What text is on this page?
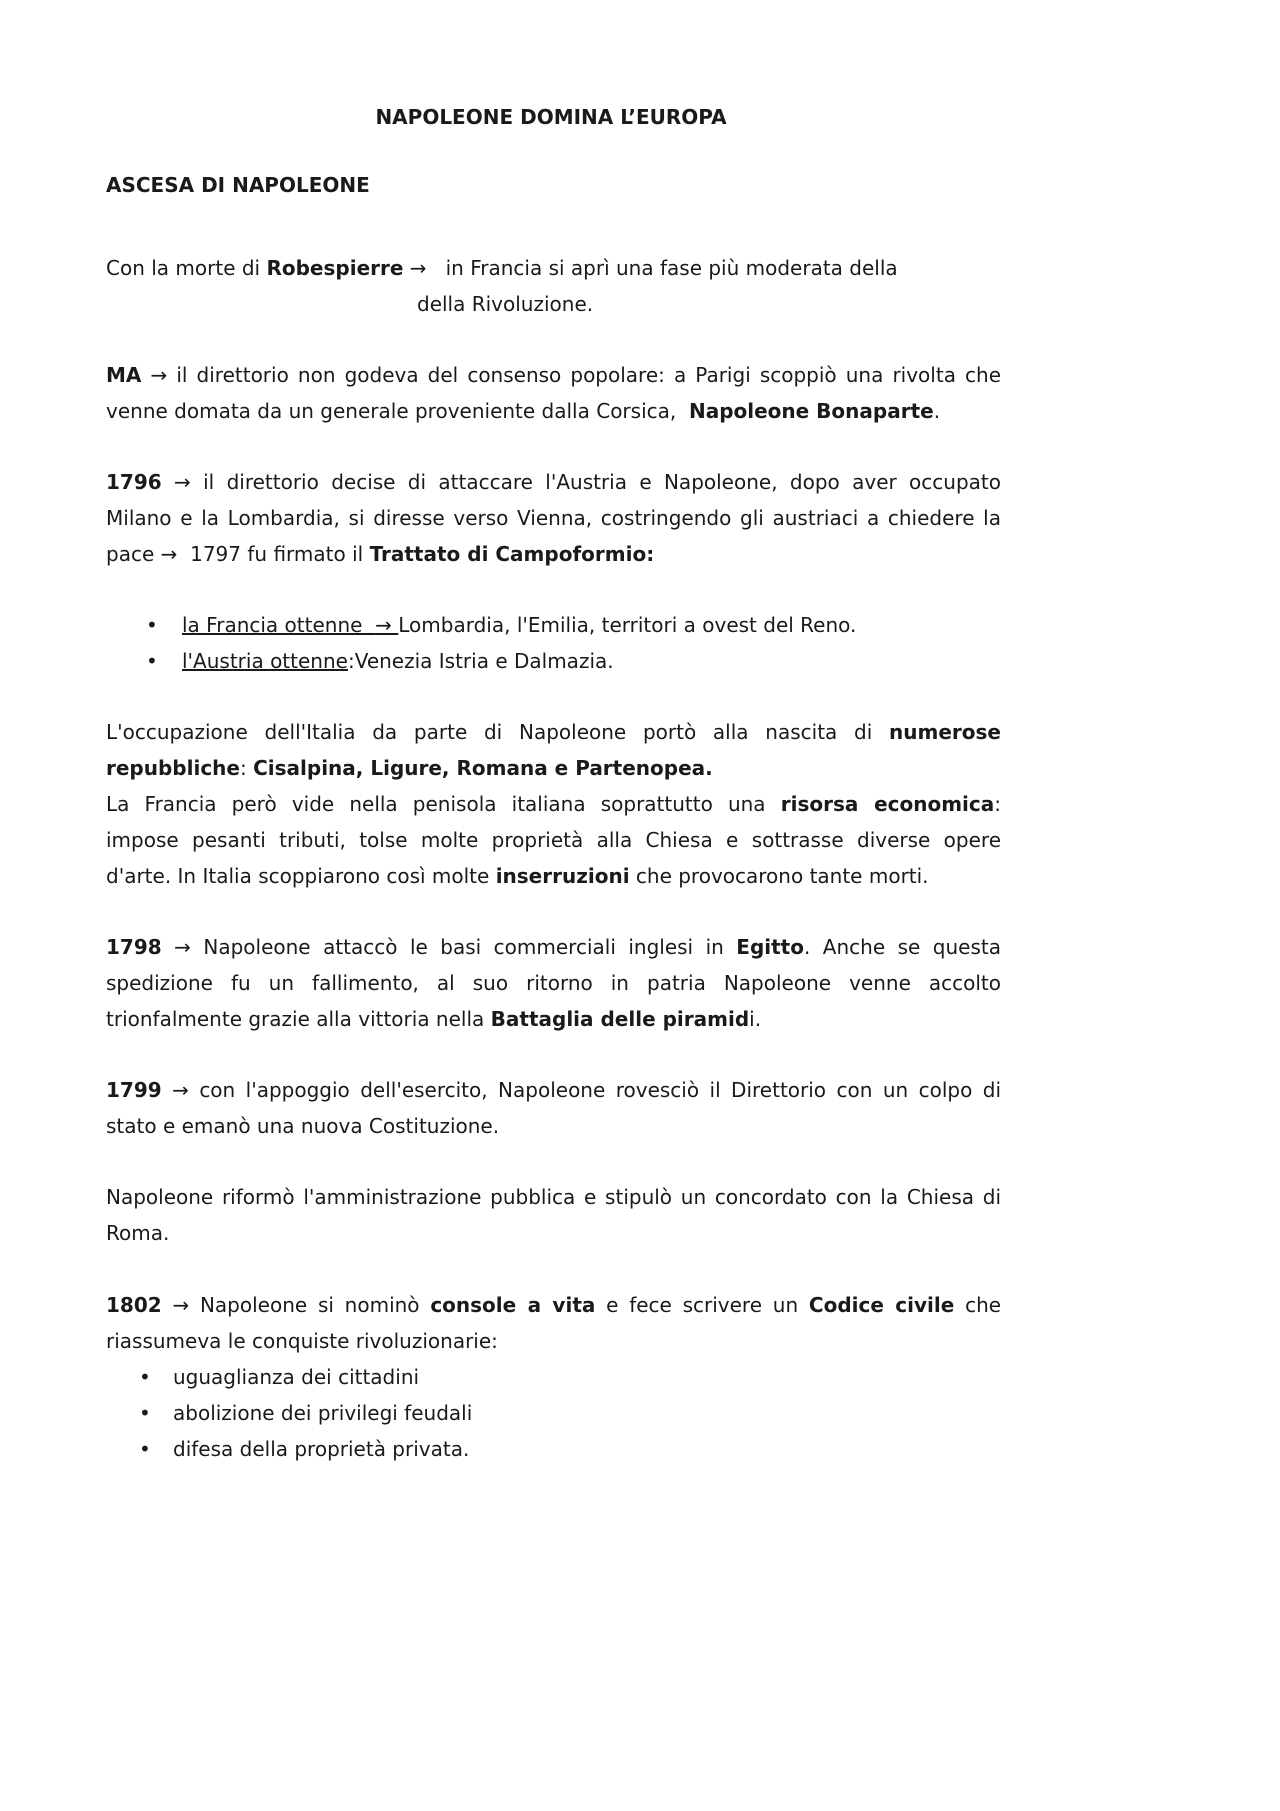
NAPOLEONE DOMINA L’EUROPA

ASCESA DI NAPOLEONE

Con la morte di Robespierre → in Francia si aprì una fase più moderata della

della Rivoluzione.

MA → il direttorio non godeva del consenso popolare: a Parigi scoppiò una rivolta che

venne domata da un generale proveniente dalla Corsica, Napoleone Bonaparte.

1796 → il direttorio decise di attaccare l'Austria e Napoleone, dopo aver occupato

Milano e la Lombardia, si diresse verso Vienna, costringendo gli austriaci a chiedere la

pace → 1797 fu firmato il Trattato di Campoformio:

• la Francia ottenne → Lombardia, l'Emilia, territori a ovest del Reno.

• l'Austria ottenne:Venezia Istria e Dalmazia.

L'occupazione dell'Italia da parte di Napoleone portò alla nascita di numerose

repubbliche: Cisalpina, Ligure, Romana e Partenopea.

La Francia però vide nella penisola italiana soprattutto una risorsa economica:

impose pesanti tributi, tolse molte proprietà alla Chiesa e sottrasse diverse opere

d'arte. In Italia scoppiarono così molte inserruzioni che provocarono tante morti.

1798 → Napoleone attaccò le basi commerciali inglesi in Egitto. Anche se questa

spedizione fu un fallimento, al suo ritorno in patria Napoleone venne accolto

trionfalmente grazie alla vittoria nella Battaglia delle piramidi.

1799 → con l'appoggio dell'esercito, Napoleone rovesciò il Direttorio con un colpo di

stato e emanò una nuova Costituzione.

Napoleone riformò l'amministrazione pubblica e stipulò un concordato con la Chiesa di

Roma.

1802 → Napoleone si nominò console a vita e fece scrivere un Codice civile che

riassumeva le conquiste rivoluzionarie:

• uguaglianza dei cittadini

• abolizione dei privilegi feudali

• difesa della proprietà privata.
